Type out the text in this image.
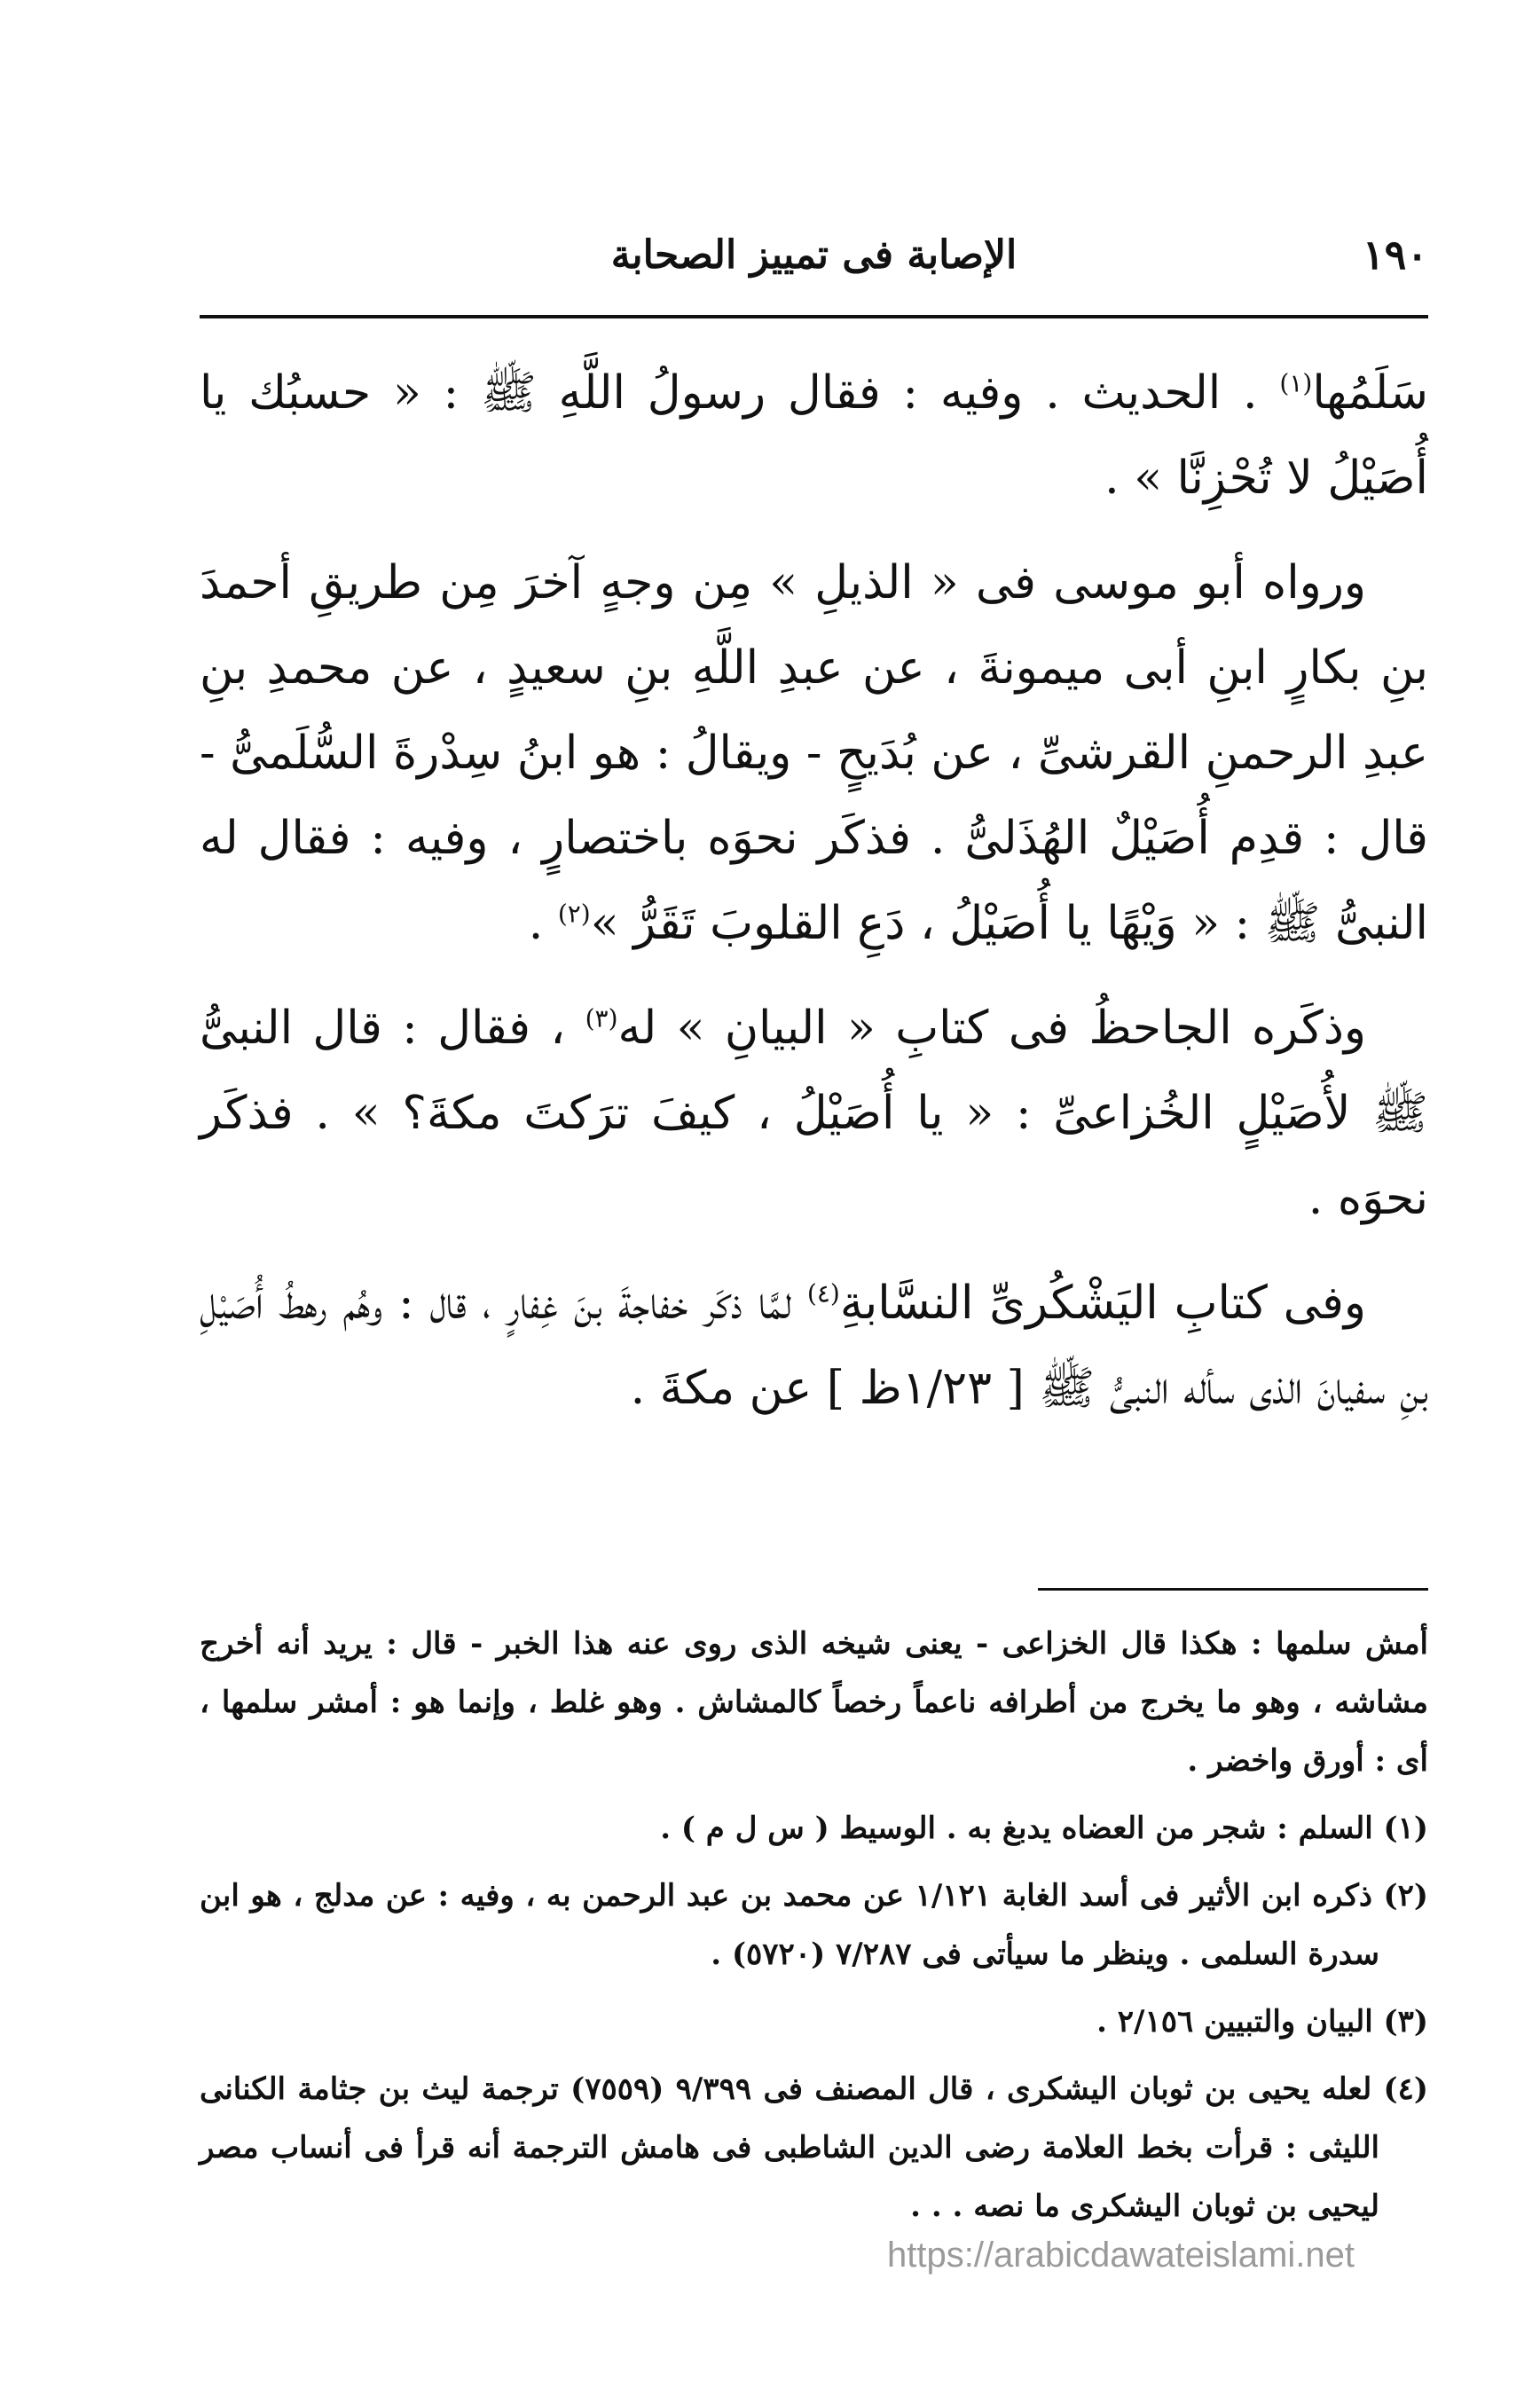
١٩٠
الإصابة فى تمييز الصحابة

سَلَمُها$^{(١)}$ . الحديث . وفيه : فقال رسولُ اللَّهِ ﷺ : « حسبُك يا أُصَيْلُ لا تُحْزِنَّا » .

ورواه أبو موسى فى « الذيلِ » مِن وجهٍ آخرَ مِن طريقِ أحمدَ بنِ بكارٍ ابنِ أبى ميمونةَ ، عن عبدِ اللَّهِ بنِ سعيدٍ ، عن محمدِ بنِ عبدِ الرحمنِ القرشىِّ ، عن بُدَيحٍ - ويقالُ : هو ابنُ سِدْرةَ السُّلَمىُّ - قال : قدِم أُصَيْلٌ الهُذَلىُّ . فذكَر نحوَه باختصارٍ ، وفيه : فقال له النبىُّ ﷺ : « وَيْهًا يا أُصَيْلُ ، دَعِ القلوبَ تَقَرُّ »$^{(٢)}$ .

وذكَره الجاحظُ فى كتابِ « البيانِ » له$^{(٣)}$ ، فقال : قال النبىُّ ﷺ لأُصَيْلٍ الخُزاعىِّ : « يا أُصَيْلُ ، كيفَ ترَكتَ مكةَ؟ » . فذكَر نحوَه .

وفى كتابِ اليَشْكُرىِّ النسَّابةِ$^{(٤)}$ لمَّا ذكَر خفاجةَ بنَ غِفارٍ ، قال : وهُم رهطُ أُصَيْلِ بنِ سفيانَ الذى سأله النبىُّ ﷺ [ ١/٢٣ظ ] عن مكةَ .

أمش سلمها : هكذا قال الخزاعى - يعنى شيخه الذى روى عنه هذا الخبر - قال : يريد أنه أخرج مشاشه ، وهو ما يخرج من أطرافه ناعماً رخصاً كالمشاش . وهو غلط ، وإنما هو : أمشر سلمها ، أى : أورق واخضر .

(١) السلم : شجر من العضاه يدبغ به . الوسيط ( س ل م ) .

(٢) ذكره ابن الأثير فى أسد الغابة ١/١٢١ عن محمد بن عبد الرحمن به ، وفيه : عن مدلج ، هو ابن سدرة السلمى . وينظر ما سيأتى فى ٧/٢٨٧ (٥٧٢٠) .

(٣) البيان والتبيين ٢/١٥٦ .

(٤) لعله يحيى بن ثوبان اليشكرى ، قال المصنف فى ٩/٣٩٩ (٧٥٥٩) ترجمة ليث بن جثامة الكنانى الليثى : قرأت بخط العلامة رضى الدين الشاطبى فى هامش الترجمة أنه قرأ فى أنساب مصر ليحيى بن ثوبان اليشكرى ما نصه . . .

https://arabicdawateislami.net
